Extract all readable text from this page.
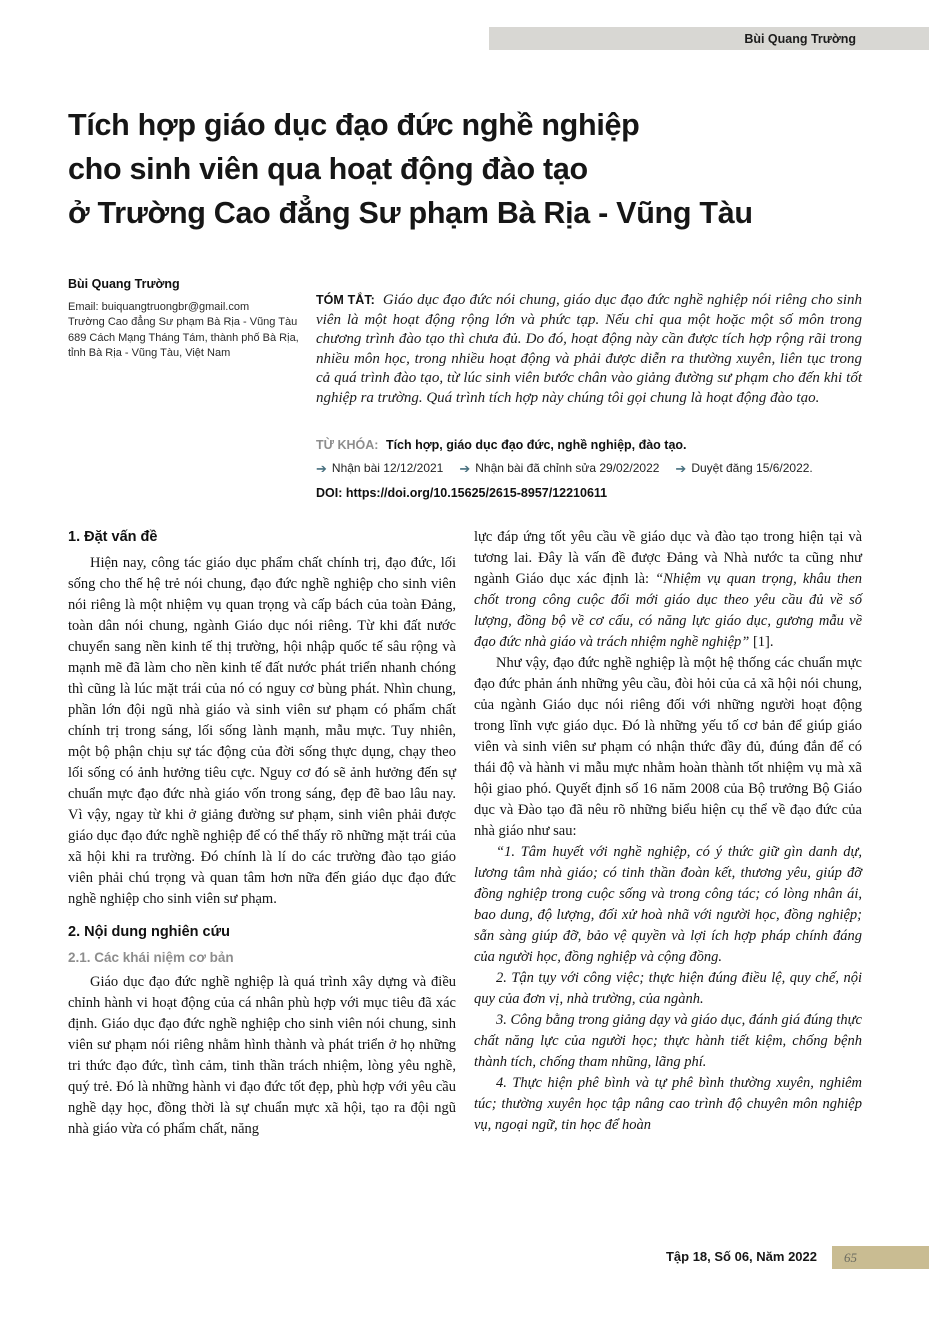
Bùi Quang Trường
Tích hợp giáo dục đạo đức nghề nghiệp
cho sinh viên qua hoạt động đào tạo
ở Trường Cao đẳng Sư phạm Bà Rịa - Vũng Tàu
Bùi Quang Trường
Email: buiquangtruongbr@gmail.com
Trường Cao đẳng Sư phạm Bà Rịa - Vũng Tàu
689 Cách Mạng Tháng Tám, thành phố Bà Rịa,
tỉnh Bà Rịa - Vũng Tàu, Việt Nam

TÓM TẮT: Giáo dục đạo đức nói chung, giáo dục đạo đức nghề nghiệp nói riêng cho sinh viên là một hoạt động rộng lớn và phức tạp. Nếu chỉ qua một hoặc một số môn trong chương trình đào tạo thì chưa đủ. Do đó, hoạt động này cần được tích hợp rộng rãi trong nhiều môn học, trong nhiều hoạt động và phải được diễn ra thường xuyên, liên tục trong cả quá trình đào tạo, từ lúc sinh viên bước chân vào giảng đường sư phạm cho đến khi tốt nghiệp ra trường. Quá trình tích hợp này chúng tôi gọi chung là hoạt động đào tạo.

TỪ KHÓA: Tích hợp, giáo dục đạo đức, nghề nghiệp, đào tạo.

➔ Nhận bài 12/12/2021 ➔ Nhận bài đã chỉnh sửa 29/02/2022 ➔ Duyệt đăng 15/6/2022.

DOI: https://doi.org/10.15625/2615-8957/12210611

1. Đặt vấn đề

Hiện nay, công tác giáo dục phẩm chất chính trị, đạo đức, lối sống cho thế hệ trẻ nói chung, đạo đức nghề nghiệp cho sinh viên nói riêng là một nhiệm vụ quan trọng và cấp bách của toàn Đảng, toàn dân nói chung, ngành Giáo dục nói riêng. Từ khi đất nước chuyển sang nền kinh tế thị trường, hội nhập quốc tế sâu rộng và mạnh mẽ đã làm cho nền kinh tế đất nước phát triển nhanh chóng thì cũng là lúc mặt trái của nó có nguy cơ bùng phát. Nhìn chung, phần lớn đội ngũ nhà giáo và sinh viên sư phạm có phẩm chất chính trị trong sáng, lối sống lành mạnh, mẫu mực. Tuy nhiên, một bộ phận chịu sự tác động của đời sống thực dụng, chạy theo lối sống có ảnh hưởng tiêu cực. Nguy cơ đó sẽ ảnh hưởng đến sự chuẩn mực đạo đức nhà giáo vốn trong sáng, đẹp đẽ bao lâu nay. Vì vậy, ngay từ khi ở giảng đường sư phạm, sinh viên phải được giáo dục đạo đức nghề nghiệp để có thể thấy rõ những mặt trái của xã hội khi ra trường. Đó chính là lí do các trường đào tạo giáo viên phải chú trọng và quan tâm hơn nữa đến giáo dục đạo đức nghề nghiệp cho sinh viên sư phạm.

2. Nội dung nghiên cứu
2.1. Các khái niệm cơ bản

Giáo dục đạo đức nghề nghiệp là quá trình xây dựng và điều chỉnh hành vi hoạt động của cá nhân phù hợp với mục tiêu đã xác định. Giáo dục đạo đức nghề nghiệp cho sinh viên nói chung, sinh viên sư phạm nói riêng nhằm hình thành và phát triển ở họ những tri thức đạo đức, tình cảm, tinh thần trách nhiệm, lòng yêu nghề, quý trẻ. Đó là những hành vi đạo đức tốt đẹp, phù hợp với yêu cầu nghề dạy học, đồng thời là sự chuẩn mực xã hội, tạo ra đội ngũ nhà giáo vừa có phẩm chất, năng

lực đáp ứng tốt yêu cầu về giáo dục và đào tạo trong hiện tại và tương lai. Đây là vấn đề được Đảng và Nhà nước ta cũng như ngành Giáo dục xác định là: “Nhiệm vụ quan trọng, khâu then chốt trong công cuộc đổi mới giáo dục theo yêu cầu đủ về số lượng, đồng bộ về cơ cấu, có năng lực giáo dục, gương mẫu về đạo đức nhà giáo và trách nhiệm nghề nghiệp” [1].

Như vậy, đạo đức nghề nghiệp là một hệ thống các chuẩn mực đạo đức phản ánh những yêu cầu, đòi hỏi của cả xã hội nói chung, của ngành Giáo dục nói riêng đối với những người hoạt động trong lĩnh vực giáo dục. Đó là những yếu tố cơ bản để giúp giáo viên và sinh viên sư phạm có nhận thức đầy đủ, đúng đắn để có thái độ và hành vi mẫu mực nhằm hoàn thành tốt nhiệm vụ mà xã hội giao phó. Quyết định số 16 năm 2008 của Bộ trưởng Bộ Giáo dục và Đào tạo đã nêu rõ những biểu hiện cụ thể về đạo đức của nhà giáo như sau:

“1. Tâm huyết với nghề nghiệp, có ý thức giữ gìn danh dự, lương tâm nhà giáo; có tinh thần đoàn kết, thương yêu, giúp đỡ đồng nghiệp trong cuộc sống và trong công tác; có lòng nhân ái, bao dung, độ lượng, đối xử hoà nhã với người học, đồng nghiệp; sẵn sàng giúp đỡ, bảo vệ quyền và lợi ích hợp pháp chính đáng của người học, đồng nghiệp và cộng đồng.

2. Tận tụy với công việc; thực hiện đúng điều lệ, quy chế, nội quy của đơn vị, nhà trường, của ngành.

3. Công bằng trong giảng dạy và giáo dục, đánh giá đúng thực chất năng lực của người học; thực hành tiết kiệm, chống bệnh thành tích, chống tham nhũng, lãng phí.

4. Thực hiện phê bình và tự phê bình thường xuyên, nghiêm túc; thường xuyên học tập nâng cao trình độ chuyên môn nghiệp vụ, ngoại ngữ, tin học để hoàn

Tập 18, Số 06, Năm 2022 65
